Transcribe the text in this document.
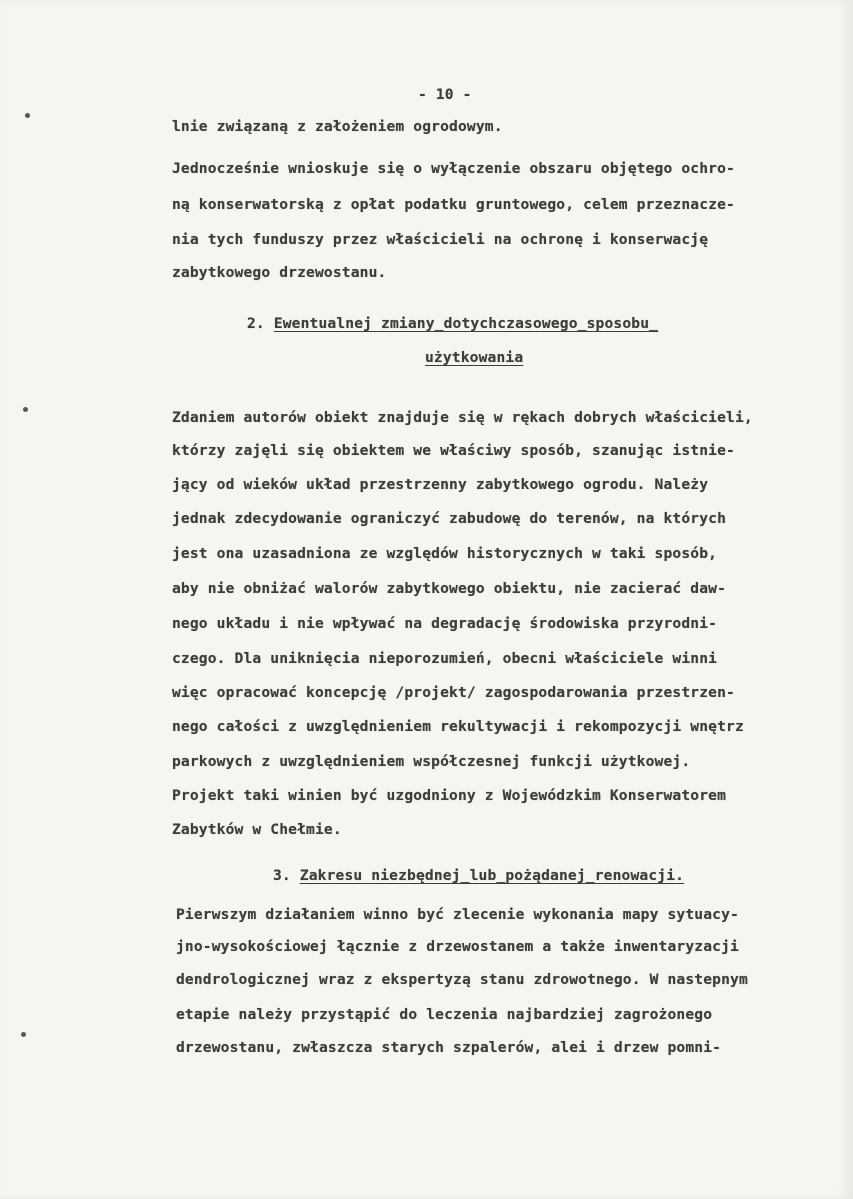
- 10 -
lnie związaną z założeniem ogrodowym.
Jednocześnie wnioskuje się o wyłączenie obszaru objętego ochro-
ną konserwatorską z opłat podatku gruntowego, celem przeznacze-
nia tych funduszy przez właścicieli na ochronę i konserwację
zabytkowego drzewostanu.
2. Ewentualnej zmiany_dotychczasowego_sposobu_
użytkowania
Zdaniem autorów obiekt znajduje się w rękach dobrych właścicieli,
którzy zajęli się obiektem we właściwy sposób, szanując istnie-
jący od wieków układ przestrzenny zabytkowego ogrodu. Należy
jednak zdecydowanie ograniczyć zabudowę do terenów, na których
jest ona uzasadniona ze względów historycznych w taki sposób,
aby nie obniżać walorów zabytkowego obiektu, nie zacierać daw-
nego układu i nie wpływać na degradację środowiska przyrodni-
czego. Dla uniknięcia nieporozumień, obecni właściciele winni
więc opracować koncepcję /projekt/ zagospodarowania przestrzen-
nego całości z uwzględnieniem rekultywacji i rekompozycji wnętrz
parkowych z uwzględnieniem współczesnej funkcji użytkowej.
Projekt taki winien być uzgodniony z Wojewódzkim Konserwatorem
Zabytków w Chełmie.
3. Zakresu niezbędnej_lub_pożądanej_renowacji.
Pierwszym działaniem winno być zlecenie wykonania mapy sytuacy-
jno-wysokościowej łącznie z drzewostanem a także inwentaryzacji
dendrologicznej wraz z ekspertyzą stanu zdrowotnego. W nastepnym
etapie należy przystąpić do leczenia najbardziej zagrożonego
drzewostanu, zwłaszcza starych szpalerów, alei i drzew pomni-
